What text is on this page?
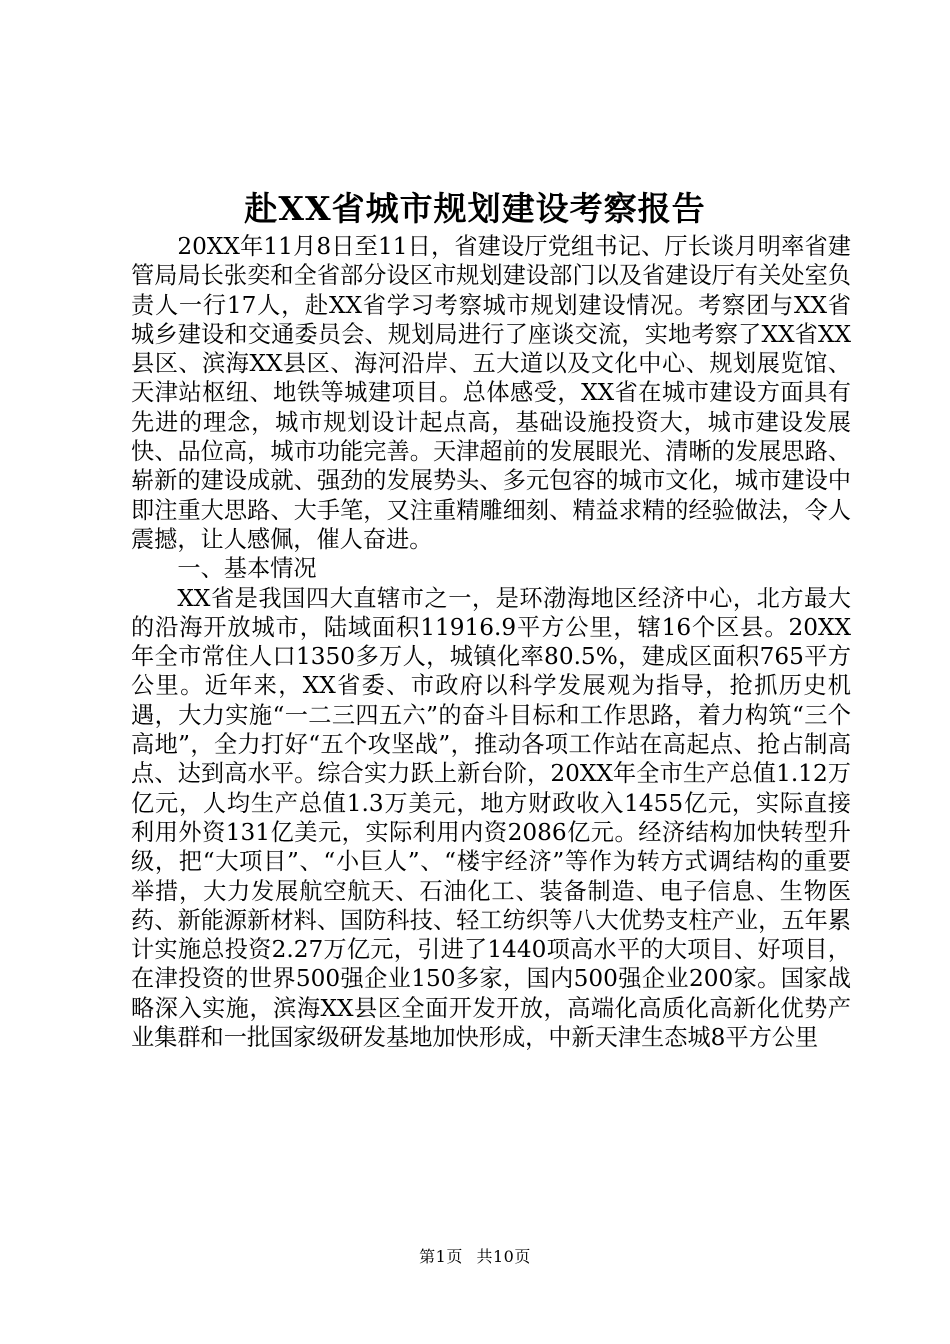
赴XX省城市规划建设考察报告

20XX年11月8日至11日，省建设厅党组书记、厅长谈月明率省建管局局长张奕和全省部分设区市规划建设部门以及省建设厅有关处室负责人一行17人，赴XX省学习考察城市规划建设情况。考察团与XX省城乡建设和交通委员会、规划局进行了座谈交流，实地考察了XX省XX县区、滨海XX县区、海河沿岸、五大道以及文化中心、规划展览馆、天津站枢纽、地铁等城建项目。总体感受，XX省在城市建设方面具有先进的理念，城市规划设计起点高，基础设施投资大，城市建设发展快、品位高，城市功能完善。天津超前的发展眼光、清晰的发展思路、崭新的建设成就、强劲的发展势头、多元包容的城市文化，城市建设中即注重大思路、大手笔，又注重精雕细刻、精益求精的经验做法，令人震撼，让人感佩，催人奋进。

一、基本情况

XX省是我国四大直辖市之一，是环渤海地区经济中心，北方最大的沿海开放城市，陆域面积11916.9平方公里，辖16个区县。20XX年全市常住人口1350多万人，城镇化率80.5%，建成区面积765平方公里。近年来，XX省委、市政府以科学发展观为指导，抢抓历史机遇，大力实施“一二三四五六”的奋斗目标和工作思路，着力构筑“三个高地”，全力打好“五个攻坚战”，推动各项工作站在高起点、抢占制高点、达到高水平。综合实力跃上新台阶，20XX年全市生产总值1.12万亿元，人均生产总值1.3万美元，地方财政收入1455亿元，实际直接利用外资131亿美元，实际利用内资2086亿元。经济结构加快转型升级，把“大项目”、“小巨人”、“楼宇经济”等作为转方式调结构的重要举措，大力发展航空航天、石油化工、装备制造、电子信息、生物医药、新能源新材料、国防科技、轻工纺织等八大优势支柱产业，五年累计实施总投资2.27万亿元，引进了1440项高水平的大项目、好项目，在津投资的世界500强企业150多家，国内500强企业200家。国家战略深入实施，滨海XX县区全面开发开放，高端化高质化高新化优势产业集群和一批国家级研发基地加快形成，中新天津生态城8平方公里

第1页 共10页
